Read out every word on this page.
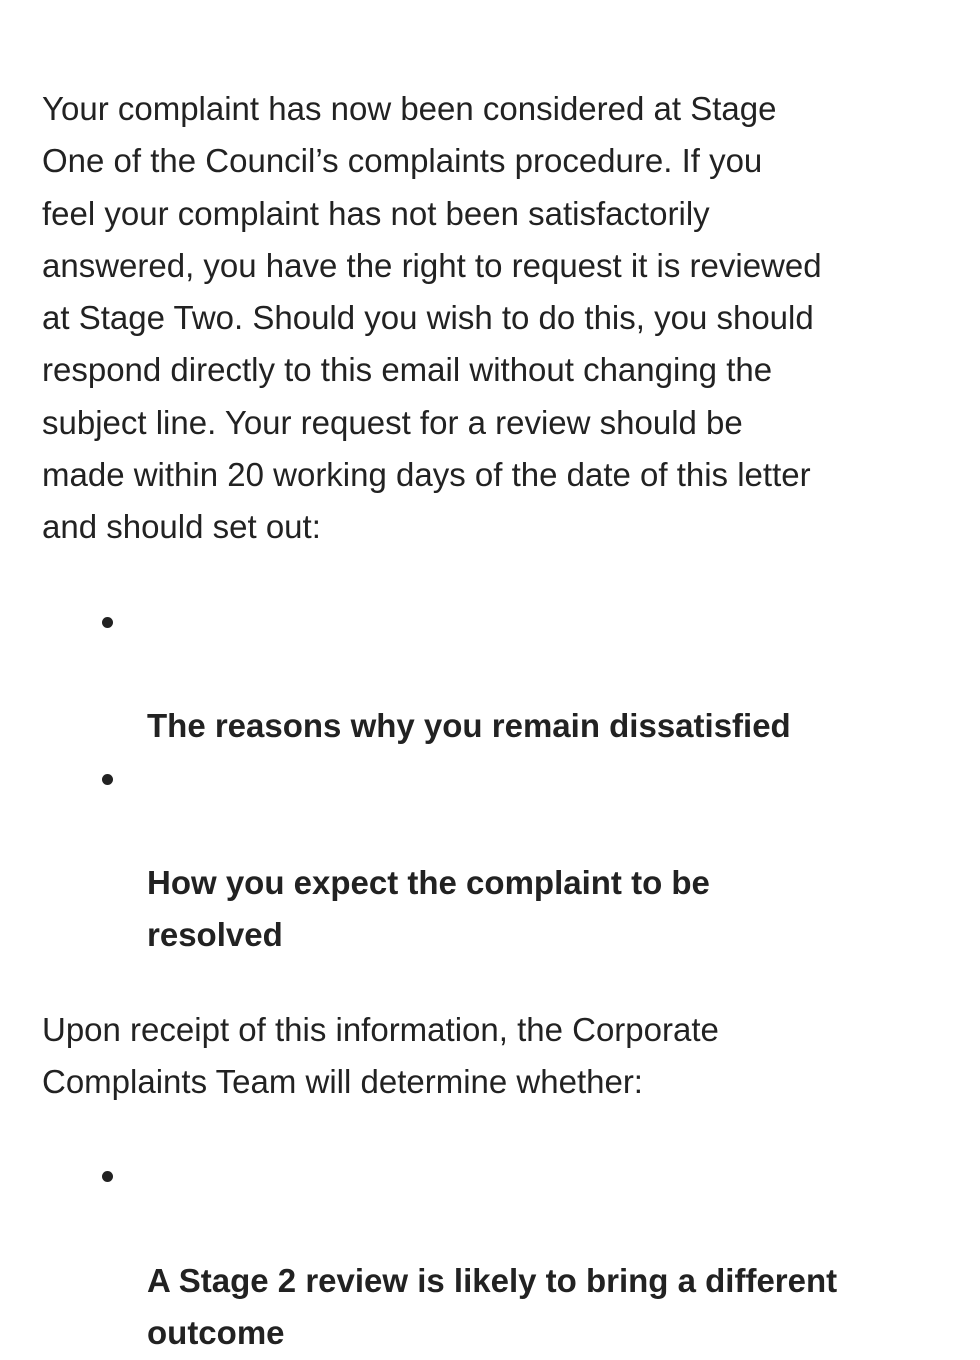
Your complaint has now been considered at Stage
One of the Council’s complaints procedure. If you
feel your complaint has not been satisfactorily
answered, you have the right to request it is reviewed
at Stage Two. Should you wish to do this, you should
respond directly to this email without changing the
subject line. Your request for a review should be
made within 20 working days of the date of this letter
and should set out:

The reasons why you remain dissatisfied

How you expect the complaint to be
resolved

Upon receipt of this information, the Corporate
Complaints Team will determine whether:

A Stage 2 review is likely to bring a different
outcome
